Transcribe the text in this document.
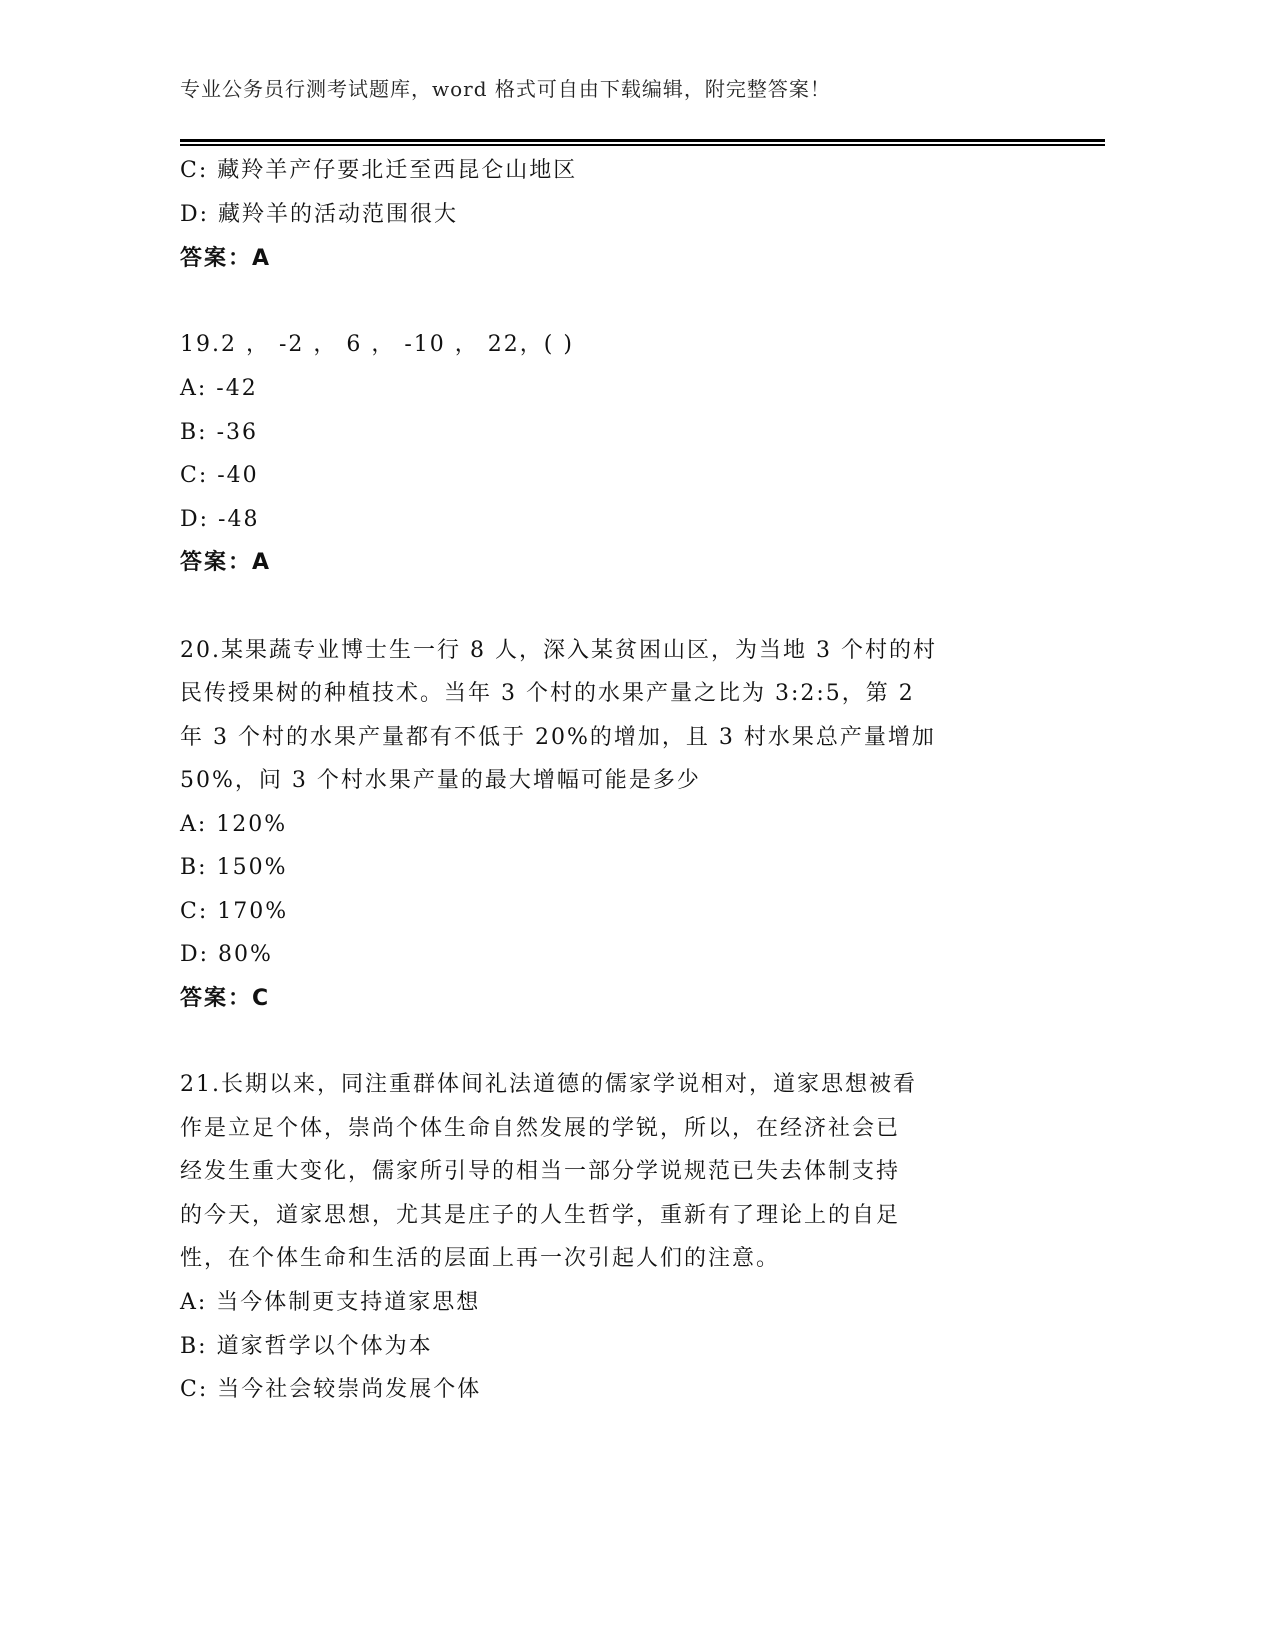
专业公务员行测考试题库，word 格式可自由下载编辑，附完整答案！
C: 藏羚羊产仔要北迁至西昆仑山地区
D: 藏羚羊的活动范围很大
答案：A
19.2 ， -2 ， 6 ， -10 ， 22，( )
A: -42
B: -36
C: -40
D: -48
答案：A
20.某果蔬专业博士生一行 8 人，深入某贫困山区，为当地 3 个村的村
民传授果树的种植技术。当年 3 个村的水果产量之比为 3:2:5，第 2
年 3 个村的水果产量都有不低于 20%的增加，且 3 村水果总产量增加
50%，问 3 个村水果产量的最大增幅可能是多少
A: 120%
B: 150%
C: 170%
D: 80%
答案：C
21.长期以来，同注重群体间礼法道德的儒家学说相对，道家思想被看
作是立足个体，崇尚个体生命自然发展的学锐，所以，在经济社会已
经发生重大变化，儒家所引导的相当一部分学说规范已失去体制支持
的今天，道家思想，尤其是庄子的人生哲学，重新有了理论上的自足
性，在个体生命和生活的层面上再一次引起人们的注意。
A: 当今体制更支持道家思想
B: 道家哲学以个体为本
C: 当今社会较崇尚发展个体
